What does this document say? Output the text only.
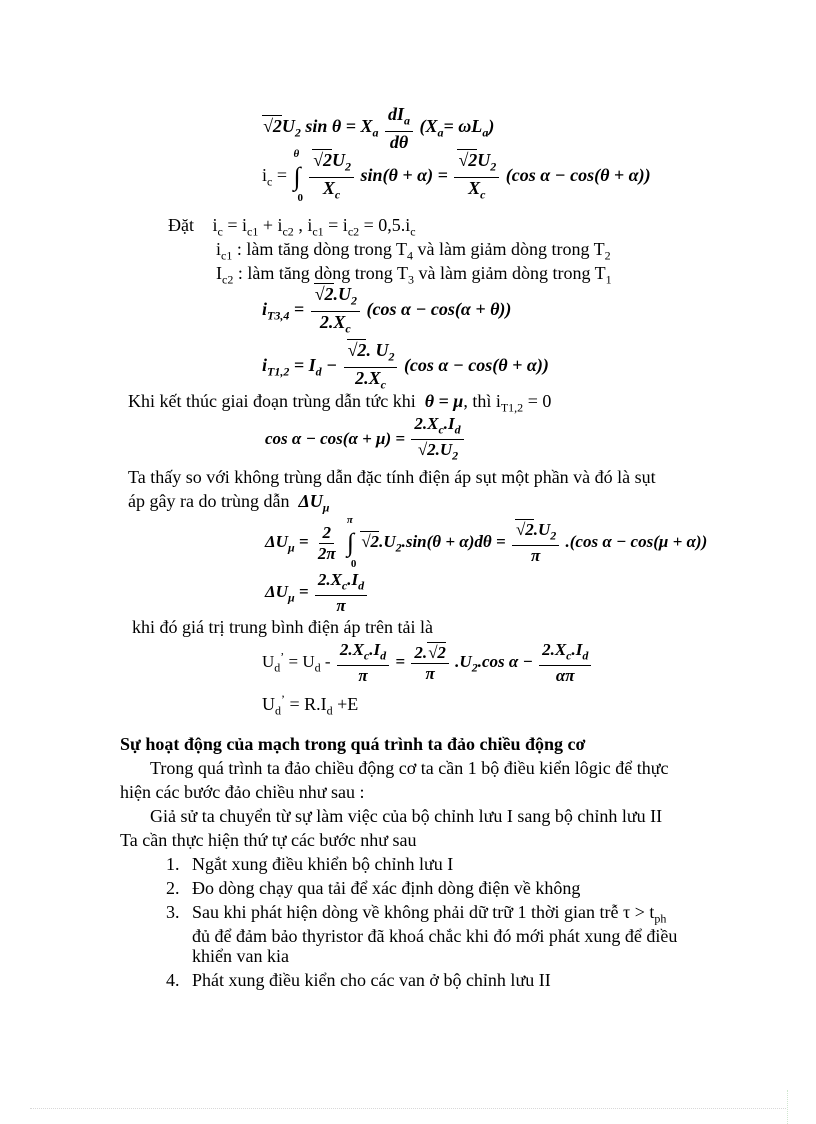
$√2U_2$ $\sin \theta = X_a \frac{dI_a}{d\theta} (X_a= \omega L_a)$
$i_c$ = ∫
θ
0
$\frac{√2U_2}{X_c} \sin(\theta + \alpha) = \frac{√2U_2}{X_c} (\cos$ α − cos(θ + α))
Đặt $i_c = i_{c1} + i_{c2}$ , $i_{c1} = i_{c2} = 0,5.i_c$
$i_{c1}$ : làm tăng dòng trong $T_4$ và làm giảm dòng trong $T_2$
$I_{c2}$ : làm tăng dòng trong $T_3$ và làm giảm dòng trong $T_1$
$i_{T3,4} = \frac{√2.U_2}{2.X_c} (\cos$ α − cos(α + θ))
$i_{T1,2} = I_d - \frac{√2. U_2}{2.X_c} (\cos$ α − cos(θ + α))
Khi kết thúc giai đoạn trùng dẫn tức khi  θ = μ, thì $i_{T1,2} = 0$
$\cos \alpha - \cos(\alpha + \mu) = \frac{2.X_c.I_d}{√2.U_2}$
Ta thấy so với không trùng dẫn đặc tính điện áp sụt một phần và đó là sụt
áp gây ra do trùng dẫn  $\Delta U_\mu$
$\Delta U_\mu = \frac{2}{2\pi}$ ∫
π
0
$√2.U_2.\sin(\theta + \alpha)d\theta = \frac{√2.U_2}{\pi} .(\cos$ α − cos(μ + α))
$\Delta U_\mu = \frac{2.X_c.I_d}{\pi}$
khi đó giá trị trung bình điện áp trên tải là
$U_d^’ = U_d - \frac{2.X_c.I_d}{\pi} = \frac{2.√2}{\pi} .U_2.\cos$ $\alpha - \frac{2.X_c.I_d}{\alpha\pi}$
$U_d^’ = R.I_d +E$
Sự hoạt động của mạch trong quá trình ta đảo chiều động cơ
Trong quá trình ta đảo chiều động cơ ta cần 1 bộ điều kiển lôgic để thực
hiện các bước đảo chiều như sau :
Giả sử ta chuyển từ sự làm việc của bộ chỉnh lưu I sang bộ chỉnh lưu II
Ta cần thực hiện thứ tự các bước như sau
1. Ngắt xung điều khiển bộ chỉnh lưu I
2. Đo dòng chạy qua tải để xác định dòng điện về không
3. Sau khi phát hiện dòng về không phải dữ trữ 1 thời gian trễ $\tau > t_{ph}$
đủ để đảm bảo thyristor đã khoá chắc khi đó mới phát xung để điều
khiển van kia
4. Phát xung điều kiển cho các van ở bộ chỉnh lưu II
